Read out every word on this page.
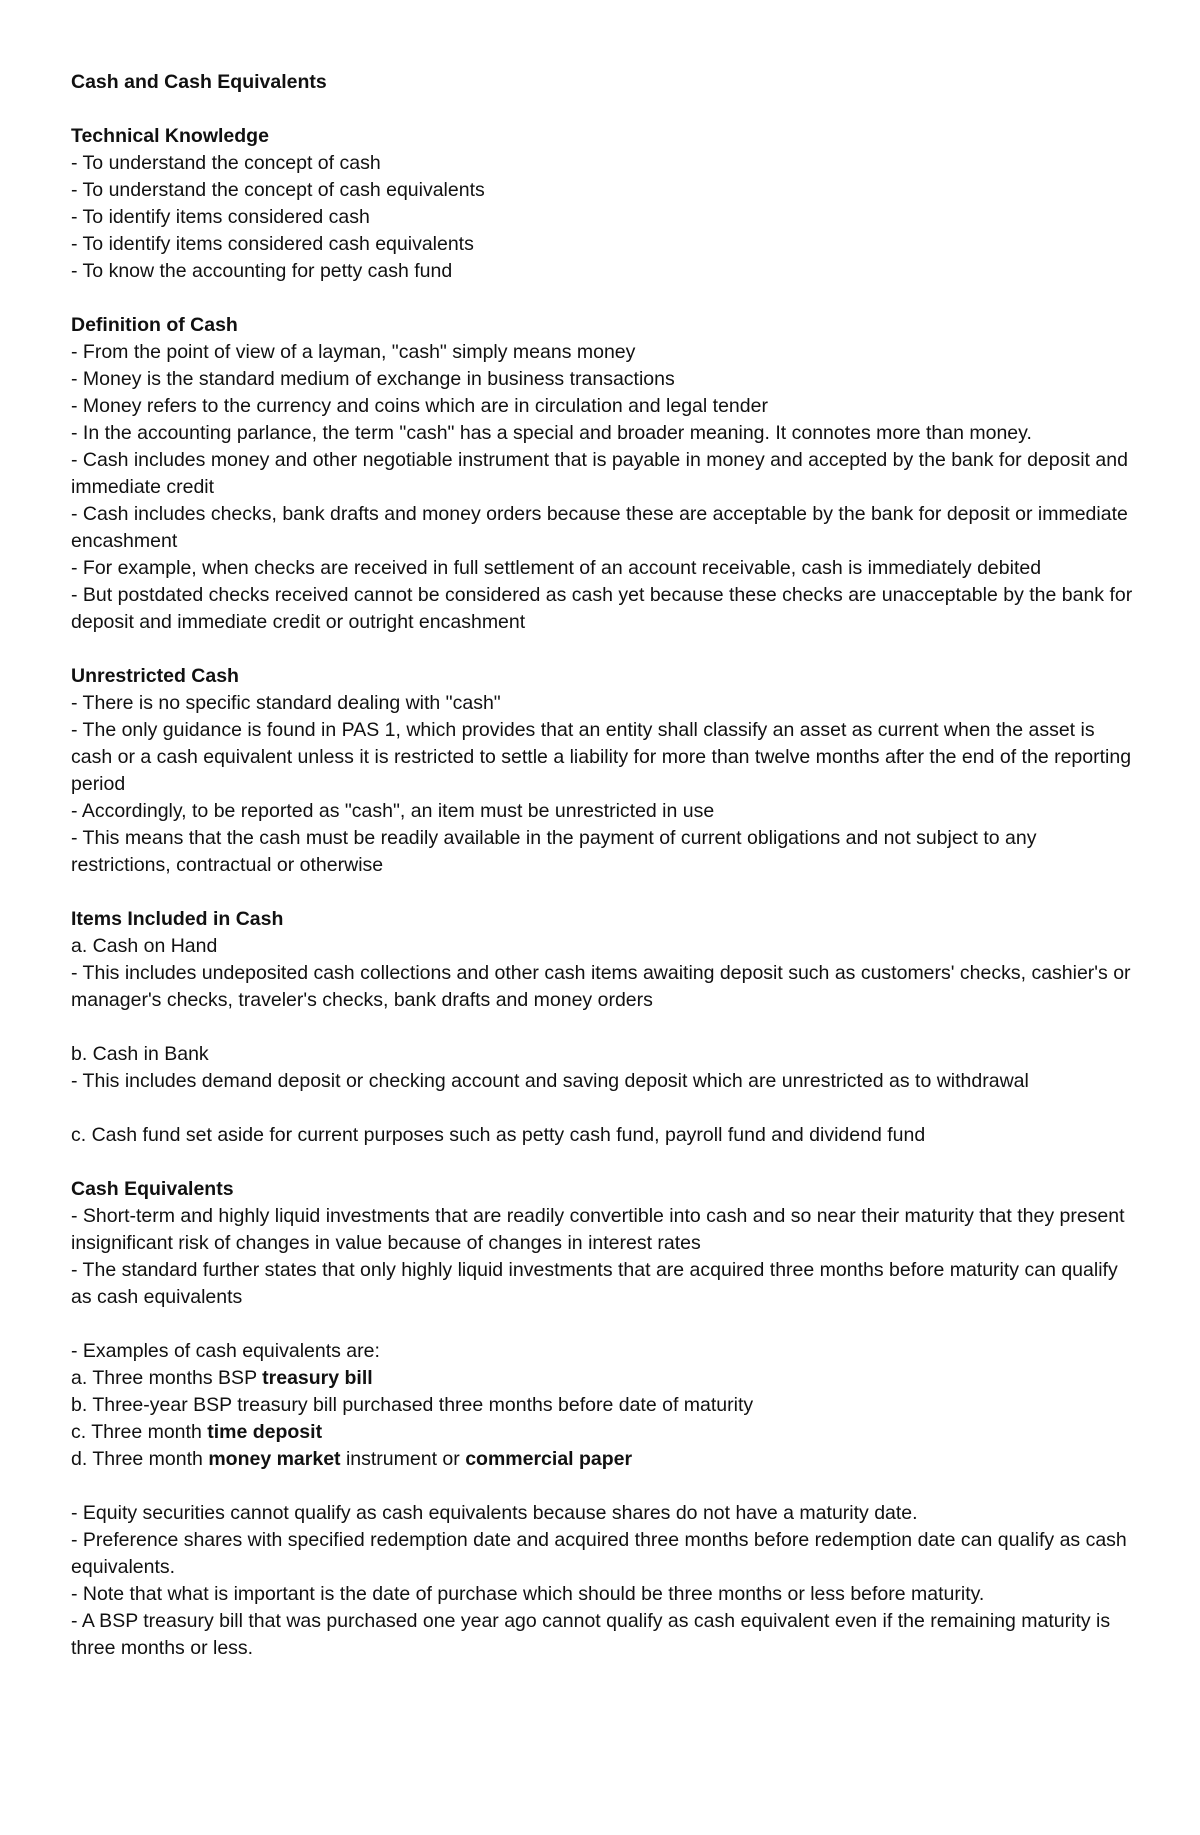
Cash and Cash Equivalents

Technical Knowledge

- To understand the concept of cash

- To understand the concept of cash equivalents

- To identify items considered cash

- To identify items considered cash equivalents

- To know the accounting for petty cash fund

Definition of Cash

- From the point of view of a layman, "cash" simply means money

- Money is the standard medium of exchange in business transactions

- Money refers to the currency and coins which are in circulation and legal tender

- In the accounting parlance, the term "cash" has a special and broader meaning. It connotes more than money.

- Cash includes money and other negotiable instrument that is payable in money and accepted by the bank for deposit and immediate credit

- Cash includes checks, bank drafts and money orders because these are acceptable by the bank for deposit or immediate encashment

- For example, when checks are received in full settlement of an account receivable, cash is immediately debited

- But postdated checks received cannot be considered as cash yet because these checks are unacceptable by the bank for deposit and immediate credit or outright encashment

Unrestricted Cash

- There is no specific standard dealing with "cash"

- The only guidance is found in PAS 1, which provides that an entity shall classify an asset as current when the asset is cash or a cash equivalent unless it is restricted to settle a liability for more than twelve months after the end of the reporting period

- Accordingly, to be reported as "cash", an item must be unrestricted in use

- This means that the cash must be readily available in the payment of current obligations and not subject to any restrictions, contractual or otherwise

Items Included in Cash

a. Cash on Hand

- This includes undeposited cash collections and other cash items awaiting deposit such as customers' checks, cashier's or manager's checks, traveler's checks, bank drafts and money orders

b. Cash in Bank

- This includes demand deposit or checking account and saving deposit which are unrestricted as to withdrawal

c. Cash fund set aside for current purposes such as petty cash fund, payroll fund and dividend fund

Cash Equivalents

- Short-term and highly liquid investments that are readily convertible into cash and so near their maturity that they present insignificant risk of changes in value because of changes in interest rates

- The standard further states that only highly liquid investments that are acquired three months before maturity can qualify as cash equivalents

- Examples of cash equivalents are:

a. Three months BSP treasury bill

b. Three-year BSP treasury bill purchased three months before date of maturity

c. Three month time deposit

d. Three month money market instrument or commercial paper

- Equity securities cannot qualify as cash equivalents because shares do not have a maturity date.

- Preference shares with specified redemption date and acquired three months before redemption date can qualify as cash equivalents.

- Note that what is important is the date of purchase which should be three months or less before maturity.

- A BSP treasury bill that was purchased one year ago cannot qualify as cash equivalent even if the remaining maturity is three months or less.
